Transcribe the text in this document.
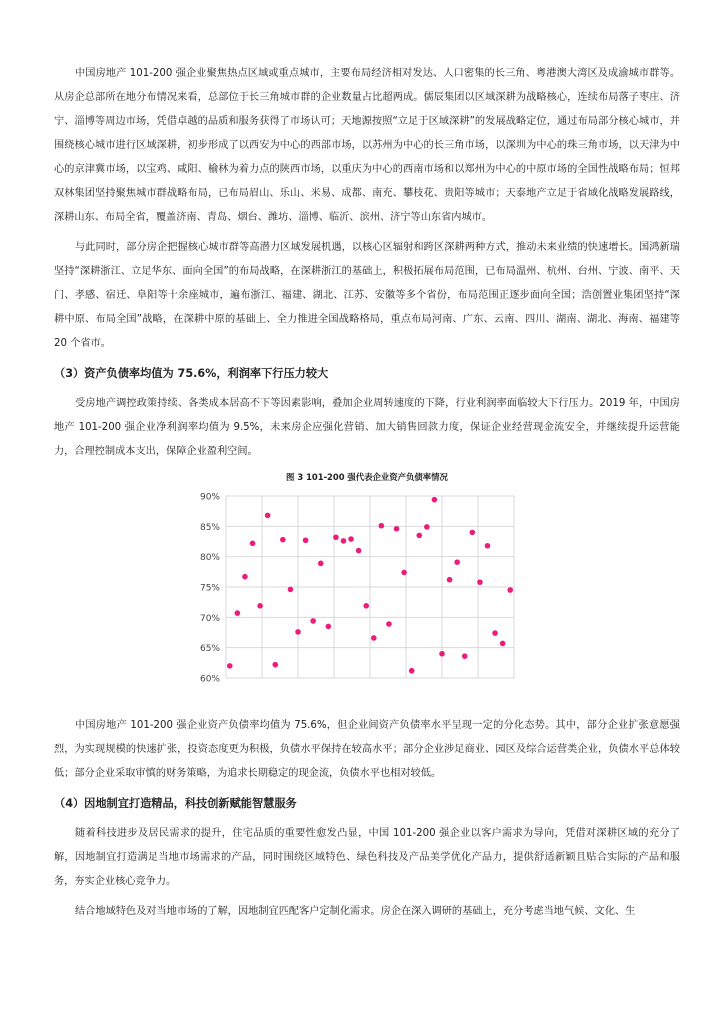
中国房地产 101-200 强企业聚焦热点区域或重点城市，主要布局经济相对发达、人口密集的长三角、粤港澳大湾区及成渝城市群等。从房企总部所在地分布情况来看，总部位于长三角城市群的企业数量占比超两成。儒辰集团以区域深耕为战略核心，连续布局落子枣庄、济宁、淄博等周边市场，凭借卓越的品质和服务获得了市场认可；天地源按照“立足于区域深耕”的发展战略定位，通过布局部分核心城市，并围绕核心城市进行区域深耕，初步形成了以西安为中心的西部市场，以苏州为中心的长三角市场，以深圳为中心的珠三角市场，以天津为中心的京津冀市场，以宝鸡、咸阳、榆林为着力点的陕西市场，以重庆为中心的西南市场和以郑州为中心的中原市场的全国性战略布局；恒邦双林集团坚持聚焦城市群战略布局，已布局眉山、乐山、米易、成都、南充、攀枝花、贵阳等城市；天泰地产立足于省域化战略发展路线，深耕山东、布局全省，覆盖济南、青岛、烟台、潍坊、淄博、临沂、滨州、济宁等山东省内城市。

与此同时，部分房企把握核心城市群等高潜力区域发展机遇，以核心区辐射和跨区深耕两种方式，推动未来业绩的快速增长。国鸿新瑞坚持“深耕浙江、立足华东、面向全国”的布局战略，在深耕浙江的基础上，积极拓展布局范围，已布局温州、杭州、台州、宁波、南平、天门、孝感、宿迁、阜阳等十余座城市，遍布浙江、福建、湖北、江苏、安徽等多个省份，布局范围正逐步面向全国；浩创置业集团坚持“深耕中原、布局全国”战略，在深耕中原的基础上、全力推进全国战略格局，重点布局河南、广东、云南、四川、湖南、湖北、海南、福建等 20 个省市。

（3）资产负债率均值为 75.6%，利润率下行压力较大

受房地产调控政策持续、各类成本居高不下等因素影响，叠加企业周转速度的下降，行业利润率面临较大下行压力。2019 年，中国房地产 101-200 强企业净利润率均值为 9.5%，未来房企应强化营销、加大销售回款力度，保证企业经营现金流安全，并继续提升运营能力，合理控制成本支出，保障企业盈利空间。

图 3 101-200 强代表企业资产负债率情况
90%
85%
80%
75%
70%
65%
60%

中国房地产 101-200 强企业资产负债率均值为 75.6%，但企业间资产负债率水平呈现一定的分化态势。其中，部分企业扩张意愿强烈，为实现规模的快速扩张，投资态度更为积极，负债水平保持在较高水平；部分企业涉足商业、园区及综合运营类企业，负债水平总体较低；部分企业采取审慎的财务策略，为追求长期稳定的现金流，负债水平也相对较低。

（4）因地制宜打造精品，科技创新赋能智慧服务

随着科技进步及居民需求的提升，住宅品质的重要性愈发凸显，中国 101-200 强企业以客户需求为导向，凭借对深耕区域的充分了解，因地制宜打造满足当地市场需求的产品，同时围绕区域特色、绿色科技及产品美学优化产品力，提供舒适新颖且贴合实际的产品和服务，夯实企业核心竞争力。

结合地域特色及对当地市场的了解，因地制宜匹配客户定制化需求。房企在深入调研的基础上，充分考虑当地气候、文化、生
